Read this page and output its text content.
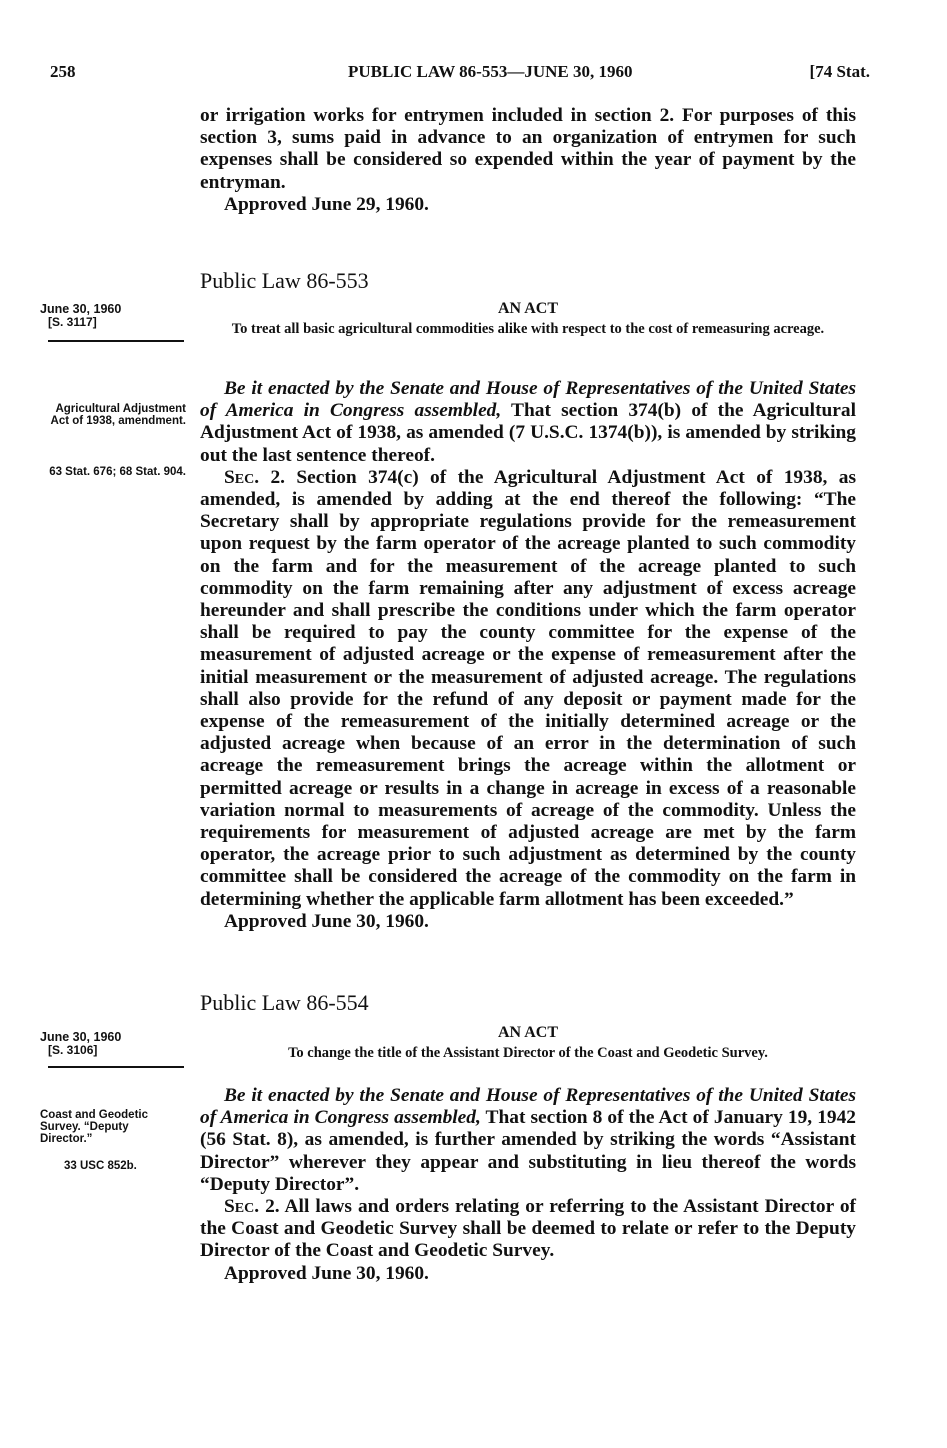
258	PUBLIC LAW 86-553—JUNE 30, 1960	[74 Stat.

or irrigation works for entrymen included in section 2. For purposes of this section 3, sums paid in advance to an organization of entrymen for such expenses shall be considered so expended within the year of payment by the entryman.

Approved June 29, 1960.

Public Law 86-553
June 30, 1960
[S. 3117]
AN ACT
To treat all basic agricultural commodities alike with respect to the cost of remeasuring acreage.
Agricultural Adjustment Act of 1938, amendment.
63 Stat. 676; 68 Stat. 904.

Be it enacted by the Senate and House of Representatives of the United States of America in Congress assembled, That section 374(b) of the Agricultural Adjustment Act of 1938, as amended (7 U.S.C. 1374(b)), is amended by striking out the last sentence thereof.

Sec. 2. Section 374(c) of the Agricultural Adjustment Act of 1938, as amended, is amended by adding at the end thereof the following: “The Secretary shall by appropriate regulations provide for the remeasurement upon request by the farm operator of the acreage planted to such commodity on the farm and for the measurement of the acreage planted to such commodity on the farm remaining after any adjustment of excess acreage hereunder and shall prescribe the conditions under which the farm operator shall be required to pay the county committee for the expense of the measurement of adjusted acreage or the expense of remeasurement after the initial measurement or the measurement of adjusted acreage. The regulations shall also provide for the refund of any deposit or payment made for the expense of the remeasurement of the initially determined acreage or the adjusted acreage when because of an error in the determination of such acreage the remeasurement brings the acreage within the allotment or permitted acreage or results in a change in acreage in excess of a reasonable variation normal to measurements of acreage of the commodity. Unless the requirements for measurement of adjusted acreage are met by the farm operator, the acreage prior to such adjustment as determined by the county committee shall be considered the acreage of the commodity on the farm in determining whether the applicable farm allotment has been exceeded.”

Approved June 30, 1960.

Public Law 86-554
June 30, 1960
[S. 3106]
AN ACT
To change the title of the Assistant Director of the Coast and Geodetic Survey.
Coast and Geodetic Survey. “Deputy Director.”
33 USC 852b.

Be it enacted by the Senate and House of Representatives of the United States of America in Congress assembled, That section 8 of the Act of January 19, 1942 (56 Stat. 8), as amended, is further amended by striking the words “Assistant Director” wherever they appear and substituting in lieu thereof the words “Deputy Director”.

Sec. 2. All laws and orders relating or referring to the Assistant Director of the Coast and Geodetic Survey shall be deemed to relate or refer to the Deputy Director of the Coast and Geodetic Survey.

Approved June 30, 1960.
